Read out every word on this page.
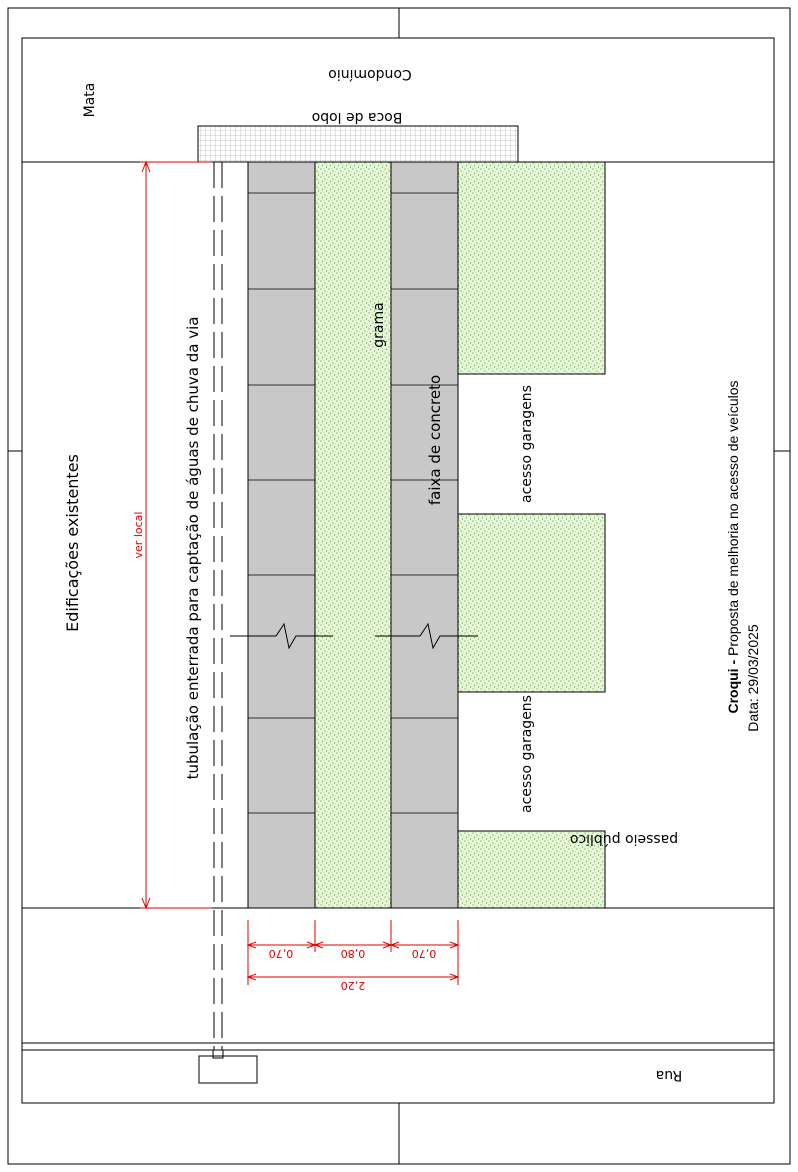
Condomínio
Boca de lobo
passeio público
Rua
0,70	0,80	0,70
2,20
Mata
Edificações existentes	ver local	tubulação enterrada para captação de águas de chuva da via	grama
faixa de concreto	acesso garagens
acesso garagens
Croqui - Proposta de melhoria no acesso de veículos
Data: 29/03/2025
